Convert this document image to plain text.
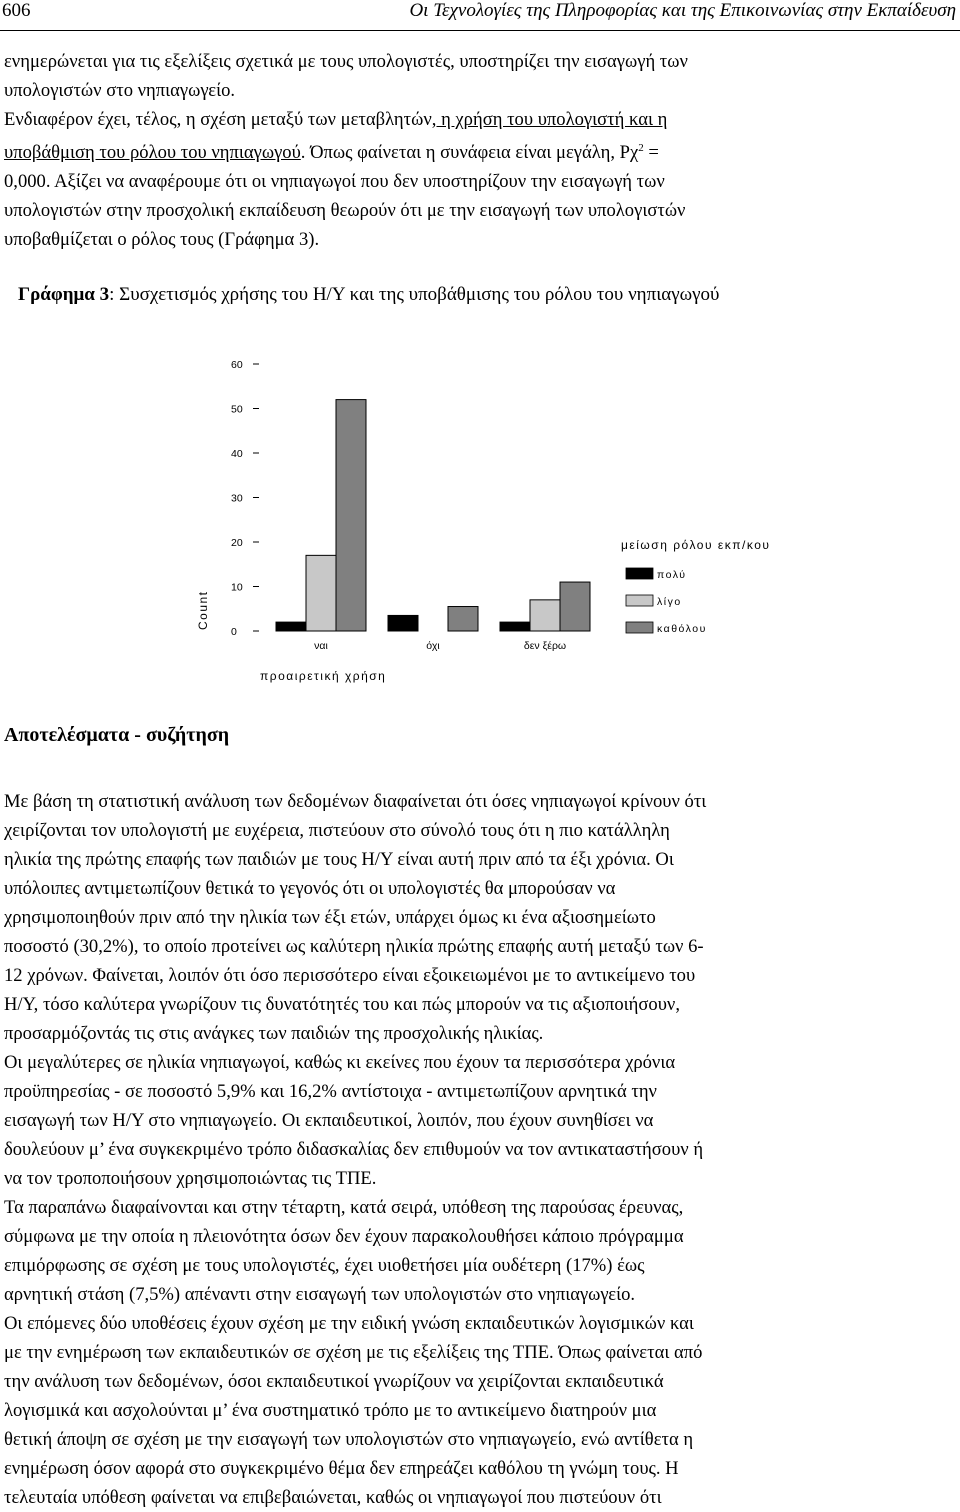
606	Οι Τεχνολογίες της Πληροφορίας και της Επικοινωνίας στην Εκπαίδευση
ενημερώνεται για τις εξελίξεις σχετικά με τους υπολογιστές, υποστηρίζει την εισαγωγή των
υπολογιστών στο νηπιαγωγείο.
Ενδιαφέρον έχει, τέλος, η σχέση μεταξύ των μεταβλητών, η χρήση του υπολογιστή και η
υποβάθμιση του ρόλου του νηπιαγωγού. Όπως φαίνεται η συνάφεια είναι μεγάλη, $P\chi^2$ =
0,000. Αξίζει να αναφέρουμε ότι οι νηπιαγωγοί που δεν υποστηρίζουν την εισαγωγή των
υπολογιστών στην προσχολική εκπαίδευση θεωρούν ότι με την εισαγωγή των υπολογιστών
υποβαθμίζεται ο ρόλος τους (Γράφημα 3).

Γράφημα 3: Συσχετισμός χρήσης του Η/Υ και της υποβάθμισης του ρόλου του νηπιαγωγού

0
10
20
30
40
50
60
Count
ναι	όχι	δεν ξέρω
προαιρετική χρήση
μείωση ρόλου εκπ/κου
πολύ
λίγο
καθόλου
Αποτελέσματα - συζήτηση
Με βάση τη στατιστική ανάλυση των δεδομένων διαφαίνεται ότι όσες νηπιαγωγοί κρίνουν ότι
χειρίζονται τον υπολογιστή με ευχέρεια, πιστεύουν στο σύνολό τους ότι η πιο κατάλληλη
ηλικία της πρώτης επαφής των παιδιών με τους Η/Υ είναι αυτή πριν από τα έξι χρόνια. Οι
υπόλοιπες αντιμετωπίζουν θετικά το γεγονός ότι οι υπολογιστές θα μπορούσαν να
χρησιμοποιηθούν πριν από την ηλικία των έξι ετών, υπάρχει όμως κι ένα αξιοσημείωτο
ποσοστό (30,2%), το οποίο προτείνει ως καλύτερη ηλικία πρώτης επαφής αυτή μεταξύ των 6-
12 χρόνων. Φαίνεται, λοιπόν ότι όσο περισσότερο είναι εξοικειωμένοι με το αντικείμενο του
Η/Υ, τόσο καλύτερα γνωρίζουν τις δυνατότητές του και πώς μπορούν να τις αξιοποιήσουν,
προσαρμόζοντάς τις στις ανάγκες των παιδιών της προσχολικής ηλικίας.
Οι μεγαλύτερες σε ηλικία νηπιαγωγοί, καθώς κι εκείνες που έχουν τα περισσότερα χρόνια
προϋπηρεσίας - σε ποσοστό 5,9% και 16,2% αντίστοιχα - αντιμετωπίζουν αρνητικά την
εισαγωγή των Η/Υ στο νηπιαγωγείο. Οι εκπαιδευτικοί, λοιπόν, που έχουν συνηθίσει να
δουλεύουν μ’ ένα συγκεκριμένο τρόπο διδασκαλίας δεν επιθυμούν να τον αντικαταστήσουν ή
να τον τροποποιήσουν χρησιμοποιώντας τις ΤΠΕ.
Τα παραπάνω διαφαίνονται και στην τέταρτη, κατά σειρά, υπόθεση της παρούσας έρευνας,
σύμφωνα με την οποία η πλειονότητα όσων δεν έχουν παρακολουθήσει κάποιο πρόγραμμα
επιμόρφωσης σε σχέση με τους υπολογιστές, έχει υιοθετήσει μία ουδέτερη (17%) έως
αρνητική στάση (7,5%) απέναντι στην εισαγωγή των υπολογιστών στο νηπιαγωγείο.
Οι επόμενες δύο υποθέσεις έχουν σχέση με την ειδική γνώση εκπαιδευτικών λογισμικών και
με την ενημέρωση των εκπαιδευτικών σε σχέση με τις εξελίξεις της ΤΠΕ. Όπως φαίνεται από
την ανάλυση των δεδομένων, όσοι εκπαιδευτικοί γνωρίζουν να χειρίζονται εκπαιδευτικά
λογισμικά και ασχολούνται μ’ ένα συστηματικό τρόπο με το αντικείμενο διατηρούν μια
θετική άποψη σε σχέση με την εισαγωγή των υπολογιστών στο νηπιαγωγείο, ενώ αντίθετα η
ενημέρωση όσον αφορά στο συγκεκριμένο θέμα δεν επηρεάζει καθόλου τη γνώμη τους. Η
τελευταία υπόθεση φαίνεται να επιβεβαιώνεται, καθώς οι νηπιαγωγοί που πιστεύουν ότι
